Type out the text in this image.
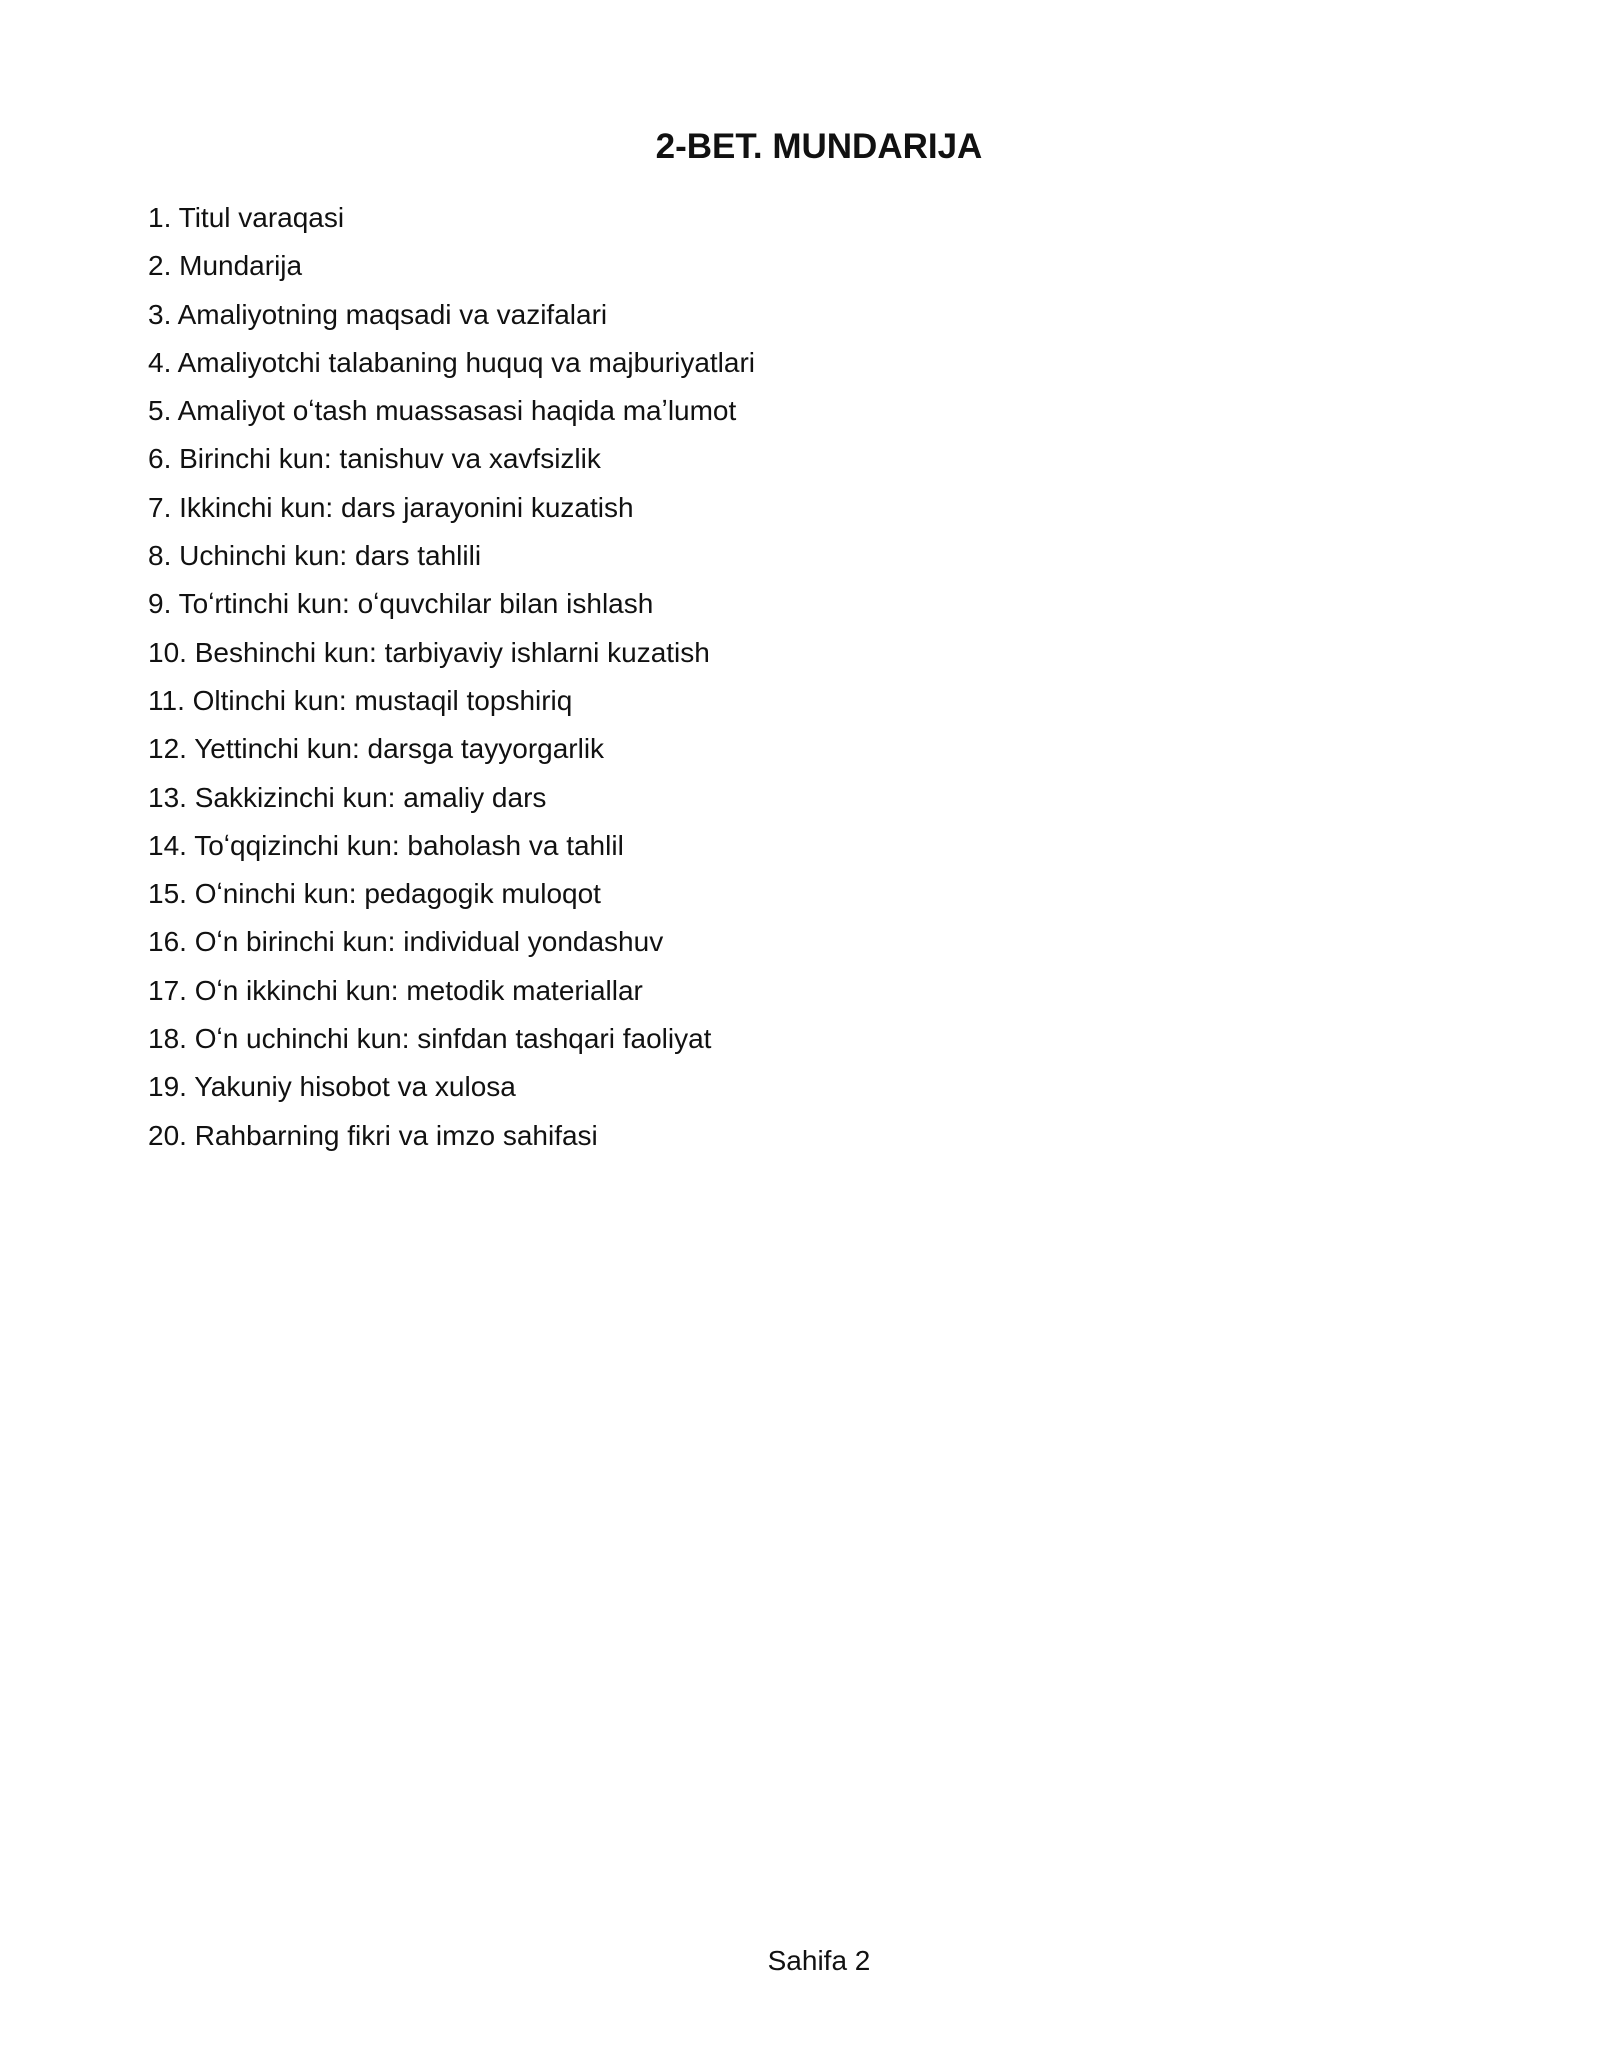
2-BET. MUNDARIJA
1. Titul varaqasi
2. Mundarija
3. Amaliyotning maqsadi va vazifalari
4. Amaliyotchi talabaning huquq va majburiyatlari
5. Amaliyot oʻtash muassasasi haqida maʼlumot
6. Birinchi kun: tanishuv va xavfsizlik
7. Ikkinchi kun: dars jarayonini kuzatish
8. Uchinchi kun: dars tahlili
9. Toʻrtinchi kun: oʻquvchilar bilan ishlash
10. Beshinchi kun: tarbiyaviy ishlarni kuzatish
11. Oltinchi kun: mustaqil topshiriq
12. Yettinchi kun: darsga tayyorgarlik
13. Sakkizinchi kun: amaliy dars
14. Toʻqqizinchi kun: baholash va tahlil
15. Oʻninchi kun: pedagogik muloqot
16. Oʻn birinchi kun: individual yondashuv
17. Oʻn ikkinchi kun: metodik materiallar
18. Oʻn uchinchi kun: sinfdan tashqari faoliyat
19. Yakuniy hisobot va xulosa
20. Rahbarning fikri va imzo sahifasi
Sahifa 2
